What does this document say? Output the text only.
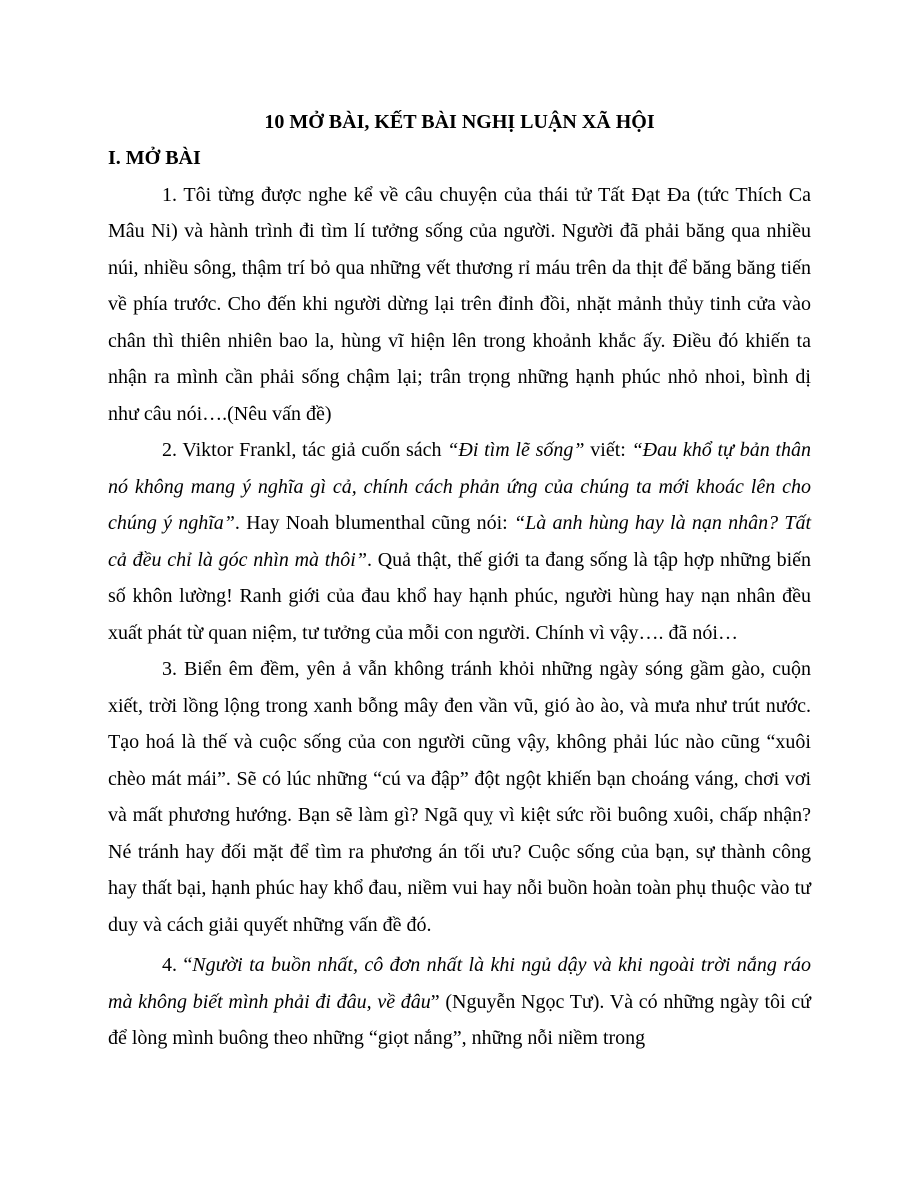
10 MỞ BÀI, KẾT BÀI NGHỊ LUẬN XÃ HỘI
I. MỞ BÀI

1. Tôi từng được nghe kể về câu chuyện của thái tử Tất Đạt Đa (tức Thích Ca Mâu Ni) và hành trình đi tìm lí tưởng sống của người. Người đã phải băng qua nhiều núi, nhiều sông, thậm trí bỏ qua những vết thương rỉ máu trên da thịt để băng băng tiến về phía trước. Cho đến khi người dừng lại trên đỉnh đồi, nhặt mảnh thủy tinh cửa vào chân thì thiên nhiên bao la, hùng vĩ hiện lên trong khoảnh khắc ấy. Điều đó khiến ta nhận ra mình cần phải sống chậm lại; trân trọng những hạnh phúc nhỏ nhoi, bình dị như câu nói….(Nêu vấn đề)

2. Viktor Frankl, tác giả cuốn sách “Đi tìm lẽ sống” viết: “Đau khổ tự bản thân nó không mang ý nghĩa gì cả, chính cách phản ứng của chúng ta mới khoác lên cho chúng ý nghĩa”. Hay Noah blumenthal cũng nói: “Là anh hùng hay là nạn nhân? Tất cả đều chỉ là góc nhìn mà thôi”. Quả thật, thế giới ta đang sống là tập hợp những biến số khôn lường! Ranh giới của đau khổ hay hạnh phúc, người hùng hay nạn nhân đều xuất phát từ quan niệm, tư tưởng của mỗi con người. Chính vì vậy…. đã nói…

3. Biển êm đềm, yên ả vẫn không tránh khỏi những ngày sóng gầm gào, cuộn xiết, trời lồng lộng trong xanh bỗng mây đen vần vũ, gió ào ào, và mưa như trút nước. Tạo hoá là thế và cuộc sống của con người cũng vậy, không phải lúc nào cũng “xuôi chèo mát mái”. Sẽ có lúc những “cú va đập” đột ngột khiến bạn choáng váng, chơi vơi và mất phương hướng. Bạn sẽ làm gì? Ngã quỵ vì kiệt sức rồi buông xuôi, chấp nhận? Né tránh hay đối mặt để tìm ra phương án tối ưu? Cuộc sống của bạn, sự thành công hay thất bại, hạnh phúc hay khổ đau, niềm vui hay nỗi buồn hoàn toàn phụ thuộc vào tư duy và cách giải quyết những vấn đề đó.

4. “Người ta buồn nhất, cô đơn nhất là khi ngủ dậy và khi ngoài trời nắng ráo mà không biết mình phải đi đâu, về đâu” (Nguyễn Ngọc Tư). Và có những ngày tôi cứ để lòng mình buông theo những “giọt nắng”, những nỗi niềm trong
